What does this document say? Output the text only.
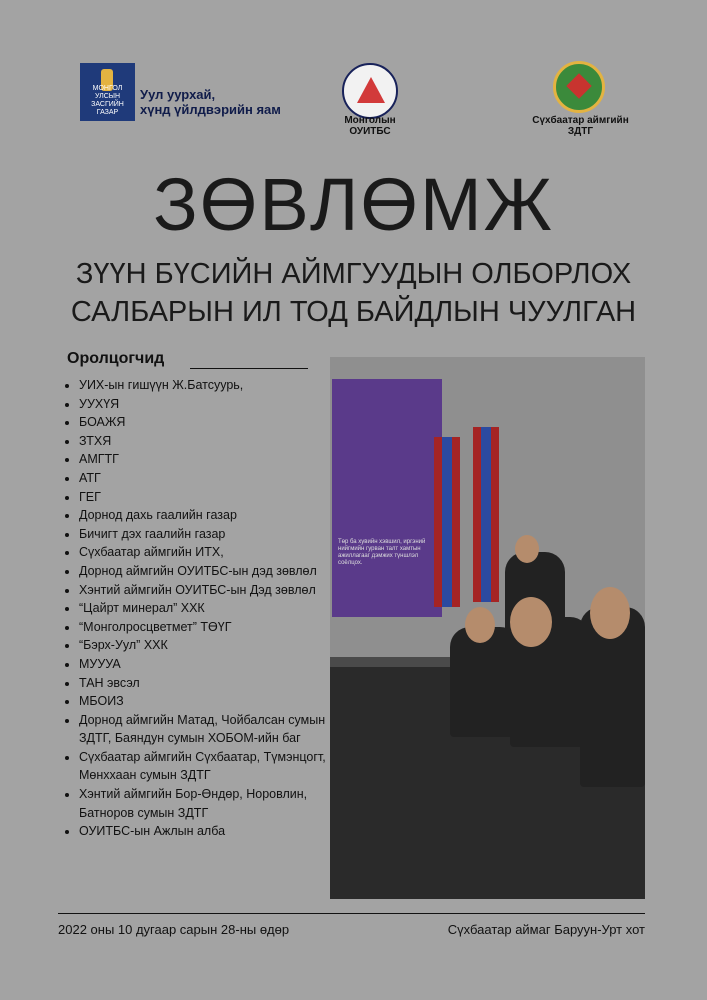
МОНГОЛ УЛСЫН ЗАСГИЙН ГАЗАР
Уул уурхай,
хүнд үйлдвэрийн яам
Монголын ОУИТБС
Сүхбаатар аймгийн ЗДТГ
ЗӨВЛӨМЖ
ЗҮҮН БҮСИЙН АЙМГУУДЫН ОЛБОРЛОХ
САЛБАРЫН ИЛ ТОД БАЙДЛЫН ЧУУЛГАН
Оролцогчид
• УИХ-ын гишүүн Ж.Батсуурь,
• УУХҮЯ
• БОАЖЯ
• ЗТХЯ
• АМГТГ
• АТГ
• ГЕГ
• Дорнод дахь гаалийн газар
• Бичигт дэх гаалийн газар
• Сүхбаатар аймгийн ИТХ,
• Дорнод аймгийн ОУИТБС-ын дэд зөвлөл
• Хэнтий аймгийн ОУИТБС-ын Дэд зөвлөл
• “Цайрт минерал” ХХК
• “Монголросцветмет” ТӨҮГ
• “Бэрх-Уул” ХХК
• МУУУА
• ТАН эвсэл
• МБОИЗ
• Дорнод аймгийн Матад, Чойбалсан сумын ЗДТГ, Баяндун сумын ХОБОМ-ийн баг
• Сүхбаатар аймгийн Сүхбаатар, Түмэнцогт, Мөнххаан сумын ЗДТГ
• Хэнтий аймгийн Бор-Өндөр, Норовлин, Батноров сумын ЗДТГ
• ОУИТБС-ын Ажлын алба
Төр ба хувийн хэвшил, иргэний нийгмийн гурван талт хамтын ажиллагааг дэмжих түншлэл соёлцох.
2022 оны 10 дугаар сарын 28-ны өдөр	Сүхбаатар аймаг Баруун-Урт хот
